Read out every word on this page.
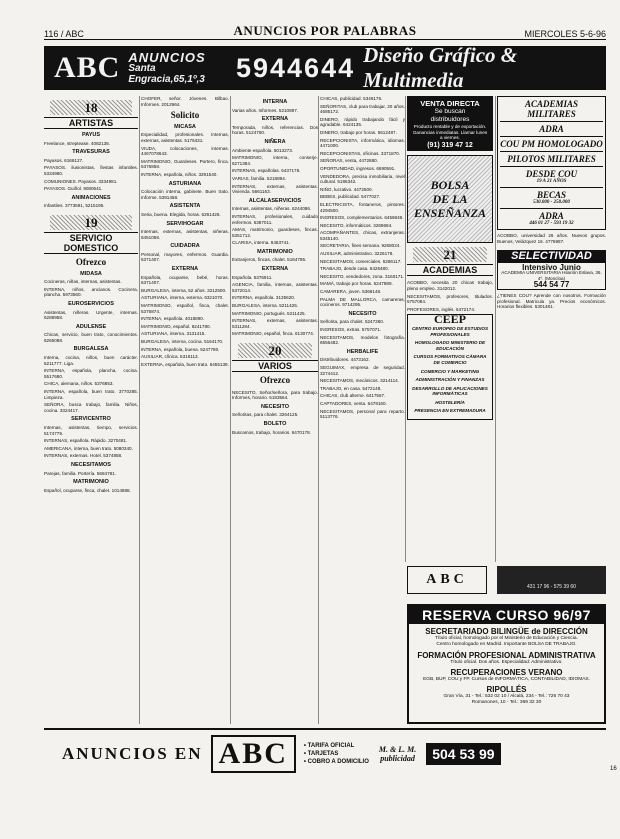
116 / ABC	ANUNCIOS POR PALABRAS	MIERCOLES 5-6-96
ABC ANUNCIOS
Santa Engracia,65,1º,3	5944644 Diseño Gráfico & Multimedia
18
ARTISTAS
PAYUS

Freelance, streptease. 4082136.

TRAVESURAS

Payasos. 6166127.

PAYASOS. ilusionistas, fiestas infantiles. 5334980.

COMUNIONES. Payasos. 3334981.

PAYASOS. Guiñol. 9080641.

ANIMACIONES

Infantiles. 3773591, 5215195.

19
SERVICIO DOMESTICO
Ofrezco
MIDASA

Cocineras, niñas, internas, asistentas.

INTERNA, niños, ancianos. Cocinera, plancha. 5973560.

EUROSERVICIOS

Asistentas, niñeras. Urgente, internas. 6288958.

ADULENSE

Chicas, servicio, buen trato, conocimientos. 6265088.

BURGALESA

Interna, cocina, niños, buen carácter. 5211777. Liga.

INTERNA, española, plancha, cocina. 5517680.

CHICA, alemana, niños. 5376853.

INTERNA, española, buen trato. 3770285. Limpieza.

SEÑORA, busca trabajo, familia. Niños, cocina. 3324417.

SERVICENTRO

Internas, asistentas, tiempo, servicios. 5174779.

INTERNAS, española. Rápido. 3270481.

AMERICANA, interna, buen trato. 5080340.

INTERNAS, externas. Hotel. 5374858.

NECESITAMOS

Parejas, familia. Portería. 5684781.

MATRIMONIO

Español, ocuparse, finca, chalet. 1014888.

CHOFER, señor. Jóvenes. Bilbao. Informes. 2012964.

Solicito
MICASA

Especialidad, profesionales. Internas, externas, asistentas. 5176431.

VIUDA, colocaciones, internas. 4467078643.

MATRIMONIO, Guardeses. Portero, finca. 5376858.

INTERNA, española, niños. 3291540.

ASTURIANA

Colocación interna, gabinete. Buen trato. Informe. 5391458.

ASISTENTA

Seria, buena. Elegida, horas. 6261426.

SERVIHOGAR

Internas, externas, asistentas, niñeras. 8451058.

CUIDADRA

Personal, mayores, enfermos. Guardia. 6371407.

EXTERNA

Española, ocuparse, bebé, horas. 6371407.

BURGALESA, interna, 52 años. 3212500.

ASTURIANA, interna, externa. 6321070.

MATRIMONIO, español, finca, chalet. 5376874.

INTERNA, española. 4018890.

MATRIMONIO, español. 6241780.

ASTURIANA, interna. 3131415.

BURGALESA, interna, cocina. 5164170.

INTERNA, española, buena. 5247780.

AUXILIAR, clínica. 5316113.

EXTERNA, española, buen trato. 6455139.

INTERNA

Varias años. Informes. 5210897.

EXTERNA

Temporada, niños, referencias. Dos horas. 5124760.

NIÑERA

Ambiente española. 5013273.

MATRIMONIO, interna, conserje. 6271384.

INTERNAS, españolas. 6437178.

VARIAS, familia. 5218894.

INTERNAS, externas, asistentas. Vivienda. 5661163.

ALCALASERVICIOS

Internas, asistentas, niñeras. 6244086.

INTERNAS, profesionales, cuidado enfermos. 5387011.

AMAS, matrimonio, guardeses, fincas. 5351712.

CLARISA, interna. 6463741.

MATRIMONIO

Extranjeros, fincas, chalet. 5164795.

EXTERNA

Española. 5376911.

AGENCIA, familia, internas, asistentas. 5372014.

INTERNA, española. 3135620.

BURGALESA, interna. 5211425.

MATRIMONIO, portugués. 5211425.

INTERNAS, externas, asistentas. 5311284.

MATRIMONIO, español, finca. 6130774.

20
VARIOS
Ofrezco

NECESITO, Señor/señora, para trabajo. Informes, horario. 5183564.

NECESITO

Señoritas, para chalet. 3264125.

BOLETO

Buscamos, trabajo, horarios. 6470178.

CHICAS, publicidad. 5346176.

SEÑORITAS, club para trabajar, 20 años. 4685172.

DINERO, rápido trabajando fácil y agradable. 6424135.

DINERO, trabajo por horas. 5612487.

RECEPCIONISTA, informática, idiomas. 4471000.

RECEPCIONISTAS, oficinas. 3371870.

SEÑORAS, venta, 4472880.

OPORTUNIDAD, ingresos. 6690591.

VENDEDORA, precisa inmobiliaria, nivel cultural. 5186342.

NIÑO, lucrativo. 4472500.

BEBES, publicidad. 5477027.

ELECTRICISTA, fontaneros, pintores. 4294500.

INGRESOS, complementarios. 6456848.

NECESITO, informáticos. 3269684.

ACOMPAÑANTES, chicas, extranjeras. 5345140.

SECRETARIA, fines semana. 9268024.

AUXILIAR, administrativo. 3226178.

NECESITAMOS, comerciales. 5286117.

TRABAJO, desde casa. 6426480.

NECESITO, vendedores, zona. 3160171.

MAMÁ, trabajo por horas. 5247889.

CAMARERA, joven. 5366148.

PALMA DE MALLORCA, camareras, cocineros. 9714295.

NECESITO

Señorita, para chalet. 5247360.

INGRESOS, extras. 5757071.

NECESITAMOS, modelos fotografía. 6556482.

HERBALIFE

Distribuidores. 4473162.

SEGUIMAX, empresa de seguridad. 3274412.

NECESITAMOS, mecánicos. 3214114.

TRABAJO, en casa. 5472148.

CHICAS, club alterne. 6417567.

CAPTADORES, venta. 6478160.

NECESITAMOS, personal para reparto. 5113776.

VENTA DIRECTA
Se buscan
distribuidores
Producto rentable y de exportación. Ganancias inmediatas. Llamar lunes a viernes.
(91) 319 47 12
BOLSA
DE LA
ENSEÑANZA
21
ACADEMIAS

ACOBBO, necesita 20 chicas trabajo, pleno empleo. 3142012.

NECESITAMOS, profesores, titulados. 5757084.

PROFESORES, inglés. 6472174.

CEEP
CENTRO EUROPEO DE ESTUDIOS PROFESIONALES
HOMOLOGADO MINISTERIO DE EDUCACIÓN
CURSOS FORMATIVOS CÁMARA DE COMERCIO
COMERCIO Y MARKETING
ADMINISTRACIÓN Y FINANZAS
DESARROLLO DE APLICACIONES INFORMÁTICAS
HOSTELERÍA
PRESENCIA EN EXTREMADURA
ACADEMIAS MILITARES
ADRA
COU PM HOMOLOGADO
PILOTOS MILITARES
DESDE COU
19 A 21 AÑOS
BECAS
530.000 - 250.000
ADRA
446 01 27 - 593 19 32

ACOBBO, universidad 26 años. Nuevos grupos. Buenos, Velázquez 16. 4776987.

SELECTIVIDAD
Intensivo Junio
ACADEMIA UNIVERSITARIA Hilarión Eslava, 36. 4º. (Moncloa)
544 54 77

¿TIENES COU? Aprende con nosotros. Formación profesional. Matricula ya. Precios económicos. Horarios flexibles. 5301481.

ABC	431 17 96 - 575 39 60
RESERVA CURSO 96/97
SECRETARIADO BILINGÜE de DIRECCIÓN
Título oficial, homologado por el Ministerio de Educación y Ciencia.
Centro homologado en Madrid. Importante BOLSA DE TRABAJO.
FORMACIÓN PROFESIONAL ADMINISTRATIVA
Título oficial. Dos años. Especialidad: Administrativo.
RECUPERACIONES VERANO
EGB, BUP, COU y FP. Cursos de INFORMÁTICA, CONTABILIDAD, IDIOMAS.
RIPOLLÉS
Gran Vía, 31 - Tel.: 532 02 10 / Alcalá, 234 - Tel.: 726 70 43
Romanones, 10 - Tel.: 369 32 30
ANUNCIOS EN ABC	• TARIFA OFICIAL
• TARJETAS
• COBRO A DOMICILIO
M. & L. M.
publicidad	504 53 99
16
